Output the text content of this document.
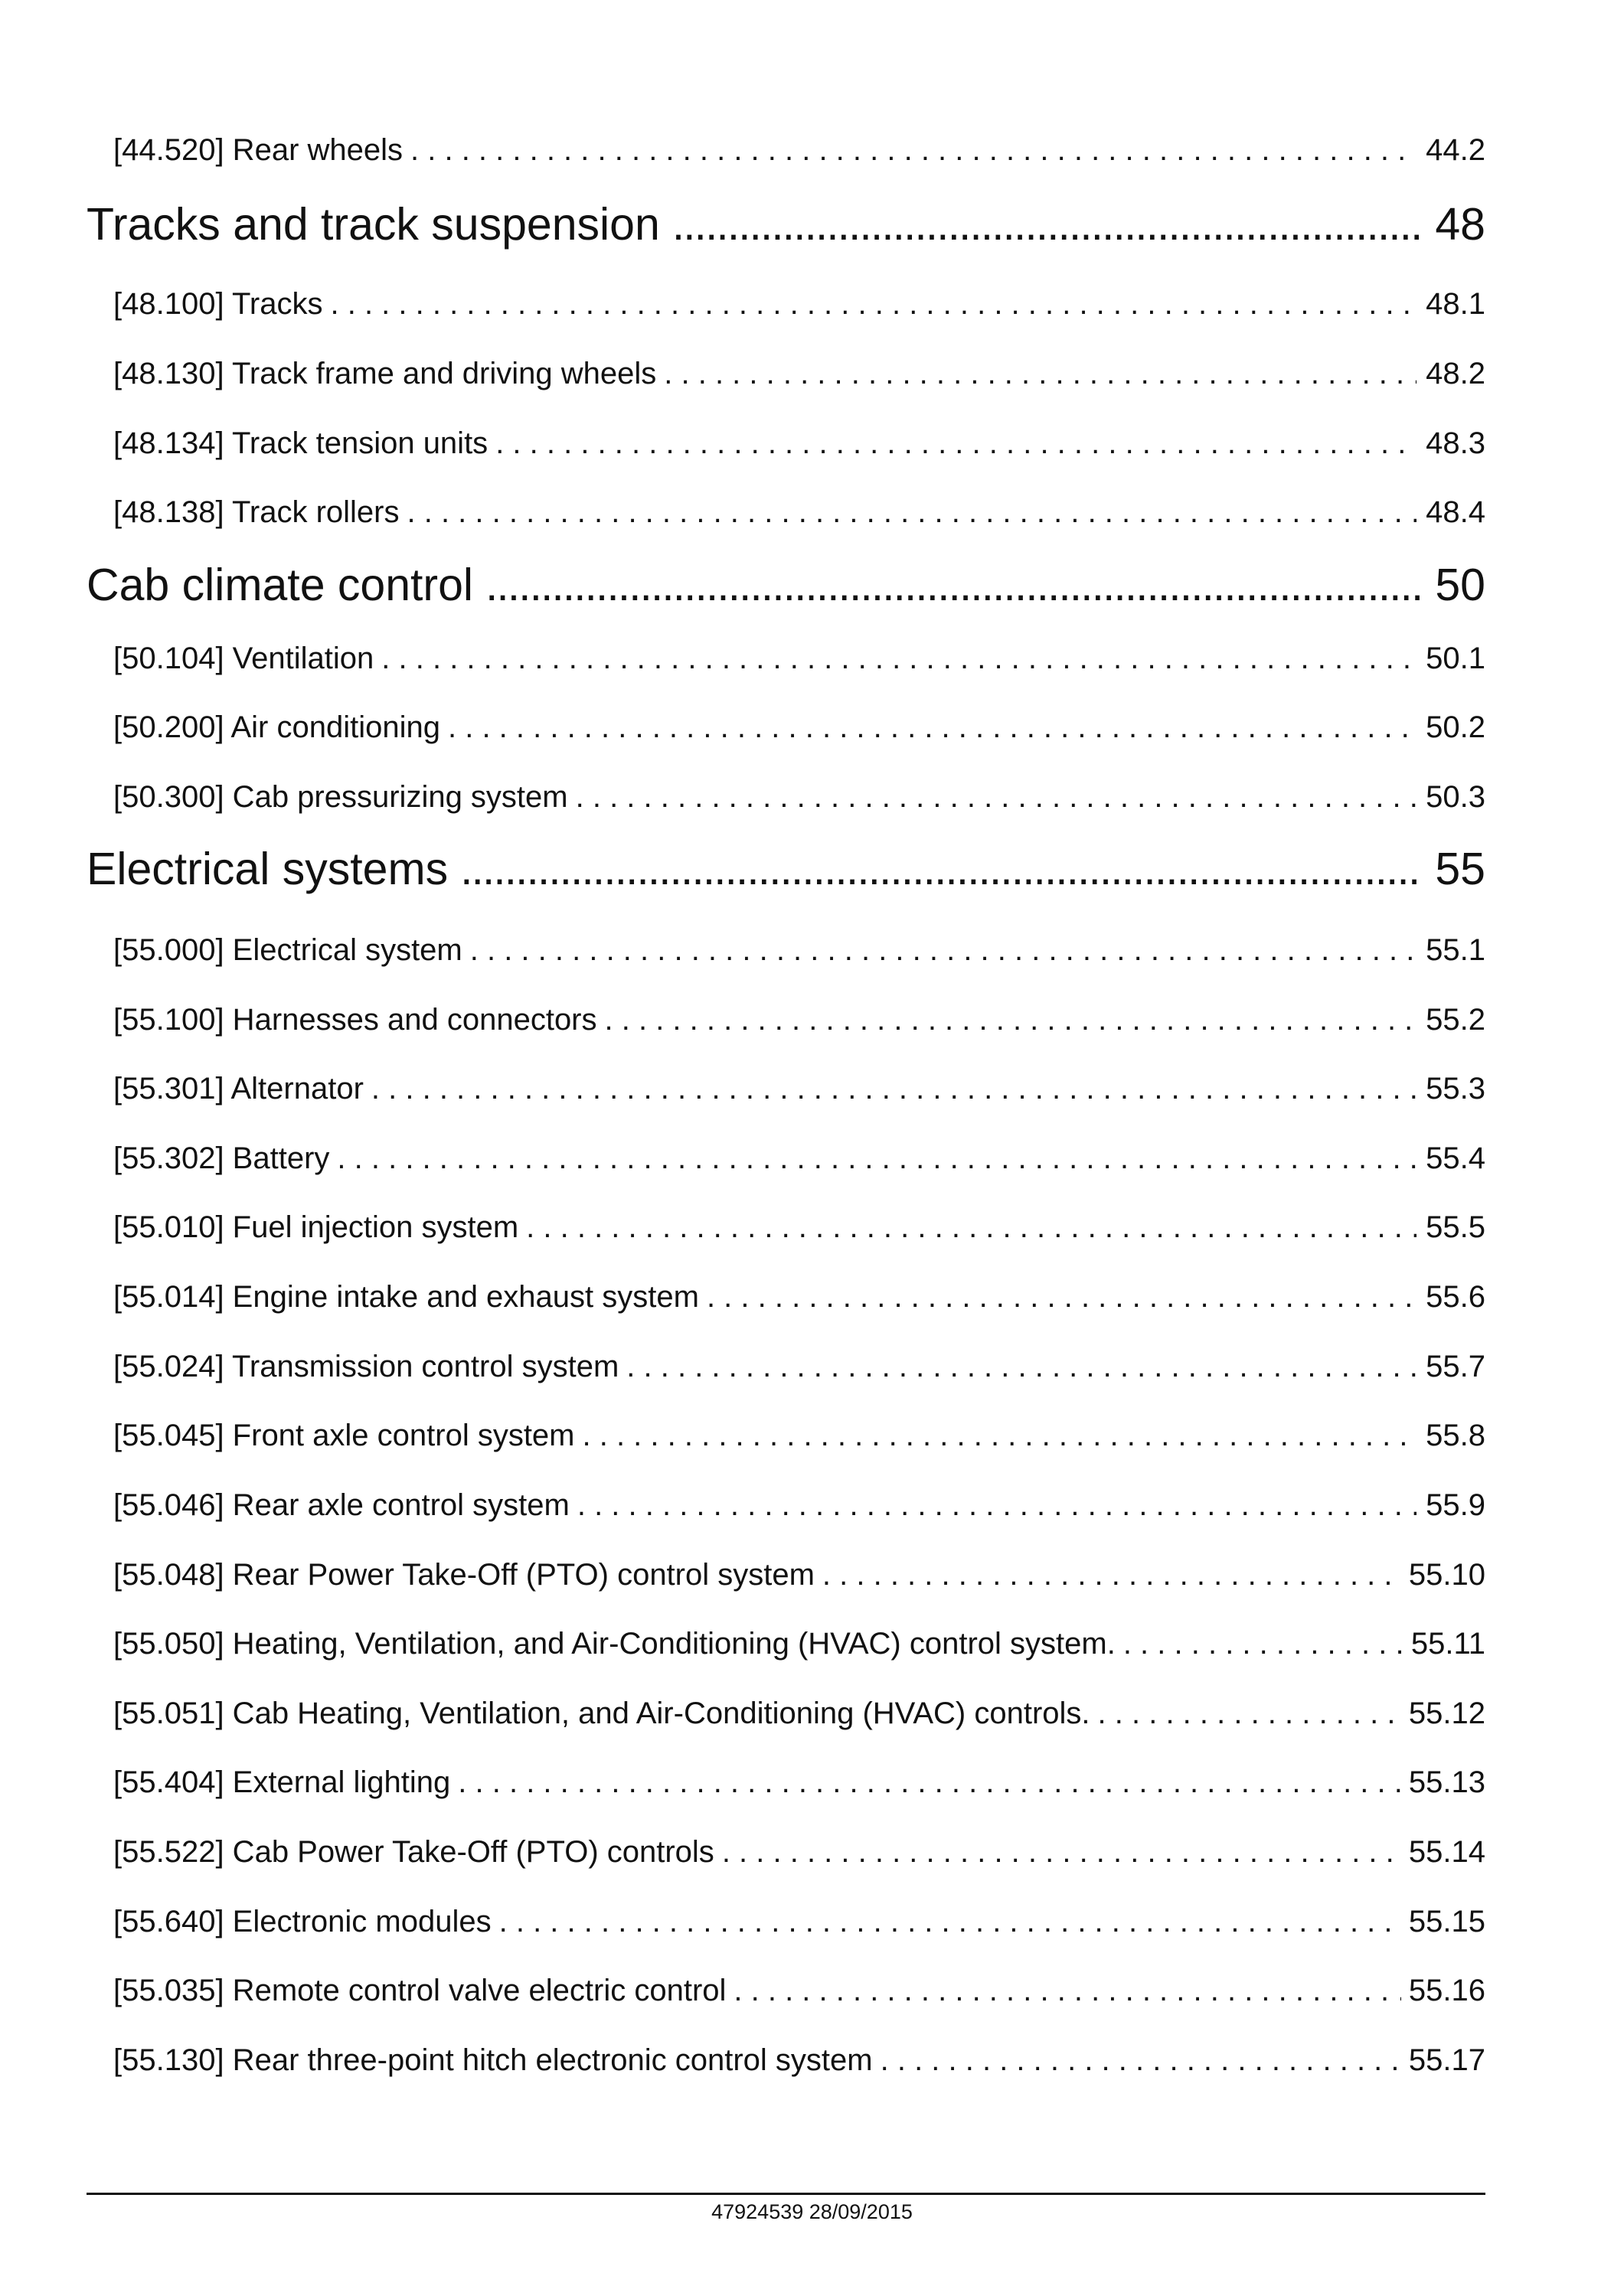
[44.520] Rear wheels . . .	44.2
Tracks and track suspension .....	48
[48.100] Tracks . . .	48.1
[48.130] Track frame and driving wheels . . .	48.2
[48.134] Track tension units . . .	48.3
[48.138] Track rollers . . .	48.4
Cab climate control .....	50
[50.104] Ventilation . . .	50.1
[50.200] Air conditioning . . .	50.2
[50.300] Cab pressurizing system . . .	50.3
Electrical systems .....	55
[55.000] Electrical system . . .	55.1
[55.100] Harnesses and connectors . . .	55.2
[55.301] Alternator . . .	55.3
[55.302] Battery . . .	55.4
[55.010] Fuel injection system . . .	55.5
[55.014] Engine intake and exhaust system . . .	55.6
[55.024] Transmission control system . . .	55.7
[55.045] Front axle control system . . .	55.8
[55.046] Rear axle control system . . .	55.9
[55.048] Rear Power Take-Off (PTO) control system . . .	55.10
[55.050] Heating, Ventilation, and Air-Conditioning (HVAC) control system. . . .	55.11
[55.051] Cab Heating, Ventilation, and Air-Conditioning (HVAC) controls. . . .	55.12
[55.404] External lighting . . .	55.13
[55.522] Cab Power Take-Off (PTO) controls . . .	55.14
[55.640] Electronic modules . . .	55.15
[55.035] Remote control valve electric control . . .	55.16
[55.130] Rear three-point hitch electronic control system . . .	55.17
47924539 28/09/2015
